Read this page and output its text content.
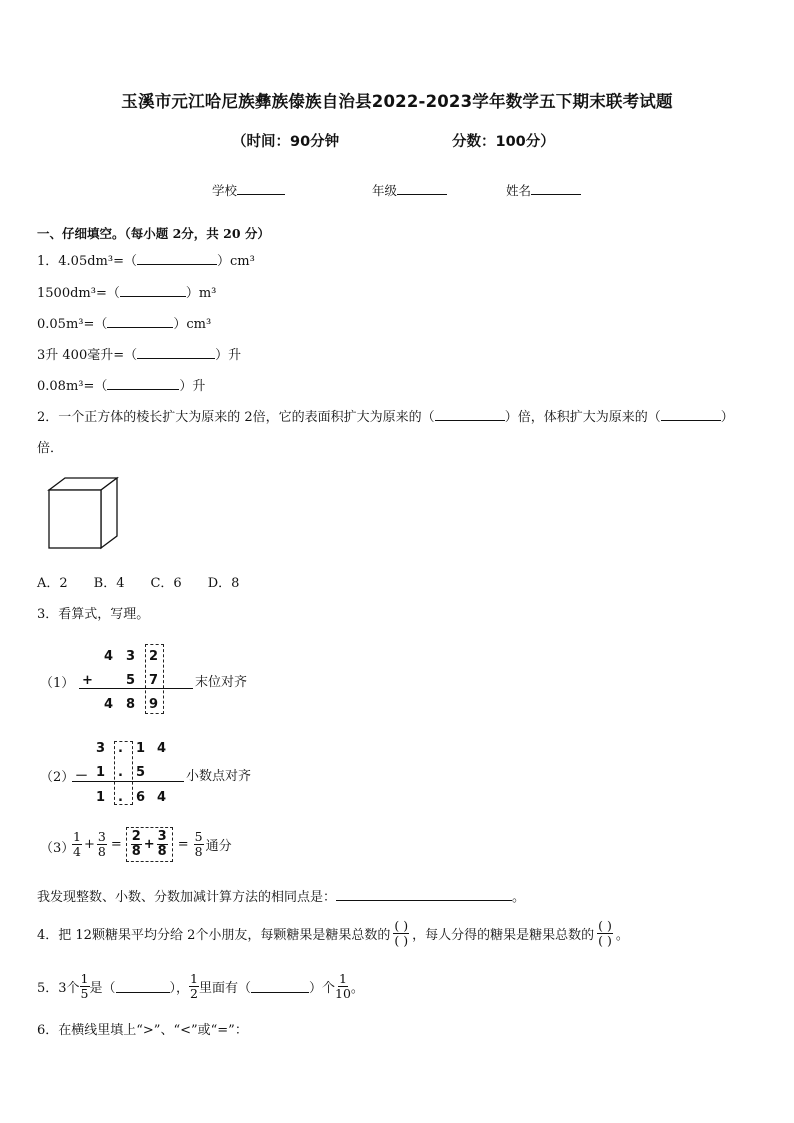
玉溪市元江哈尼族彝族傣族自治县2022-2023学年数学五下期末联考试题
（时间：90分钟	分数：100分）
学校	年级	姓名
一、仔细填空。（每小题 2分，共 20 分）
1．4.05dm³=（	）cm³
1500dm³=（	）m³
0.05m³=（	）cm³
3升 400毫升=（	）升
0.08m³=（	）升
2．一个正方体的棱长扩大为原来的 2倍，它的表面积扩大为原来的（	）倍，体积扩大为原来的（	）
倍．
A．2　　B．4　　C．6　　D．8
3．看算式，写理。
（1）
4 3 2
+	5 7
4 8 9
末位对齐
（2）
3 . 1 4
－ 1 . 5
1 . 6 4
小数点对齐
（3）
$\frac{1}{4} + \frac{3}{8} = \frac{2}{8} + \frac{3}{8} = \frac{5}{8}$ 通分
我发现整数、小数、分数加减计算方法的相同点是：	。
4．把 12颗糖果平均分给 2个小朋友，每颗糖果是糖果总数的 $\frac{( )}{( )}$ ，每人分得的糖果是糖果总数的 $\frac{( )}{( )}$ 。
5．3个 $\frac{1}{5}$ 是（	）， $\frac{1}{2}$ 里面有（	）个 $\frac{1}{10}$ 。
6．在横线里填上“>”、“<”或“=”：
